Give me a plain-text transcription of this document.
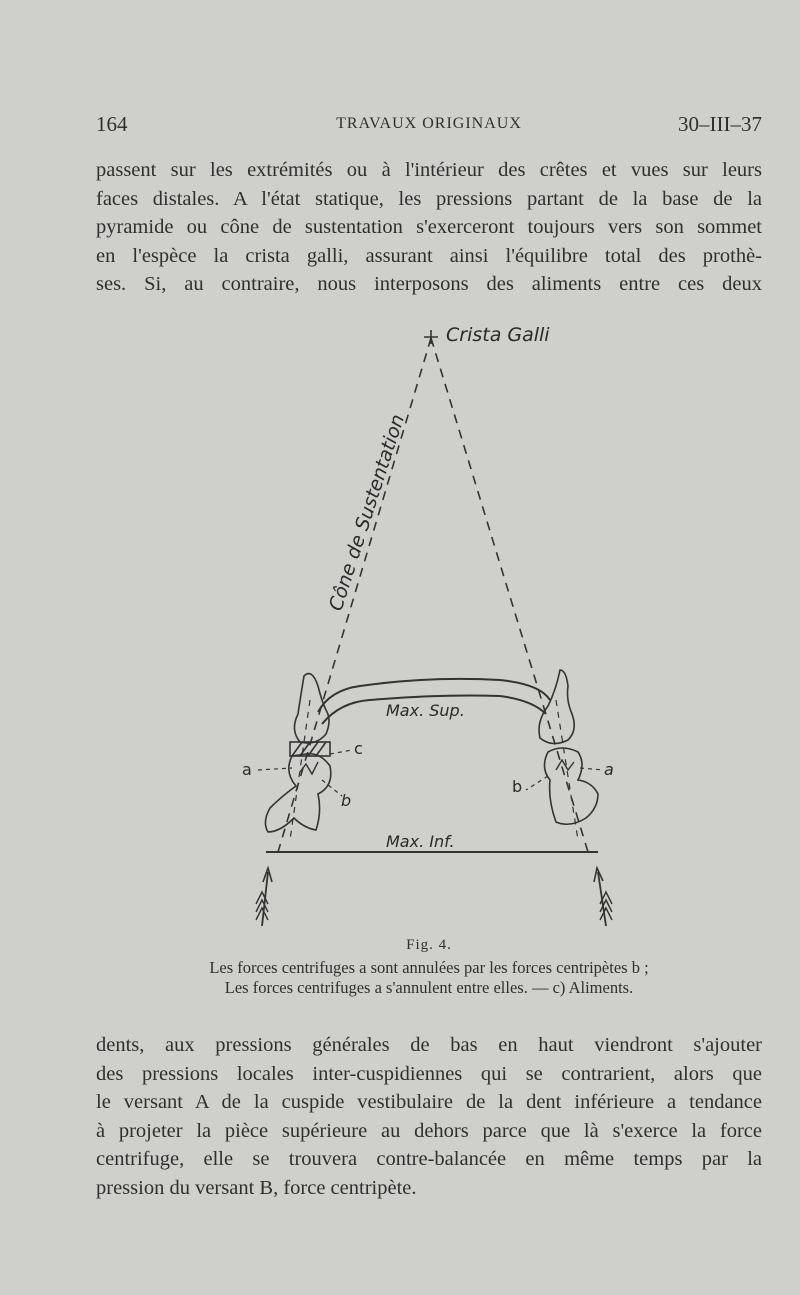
164	TRAVAUX ORIGINAUX	30–III–37
passent sur les extrémités ou à l'intérieur des crêtes et vues sur leurs
faces distales. A l'état statique, les pressions partant de la base de la
pyramide ou cône de sustentation s'exerceront toujours vers son sommet
en l'espèce la crista galli, assurant ainsi l'équilibre total des prothè-
ses. Si, au contraire, nous interposons des aliments entre ces deux
Crista Galli
Cône de Sustentation
Max. Sup.
Max. Inf.
a
c
b
b
a
Fig. 4.
Les forces centrifuges a sont annulées par les forces centripètes b ;
Les forces centrifuges a s'annulent entre elles. — c) Aliments.
dents, aux pressions générales de bas en haut viendront s'ajouter
des pressions locales inter-cuspidiennes qui se contrarient, alors que
le versant A de la cuspide vestibulaire de la dent inférieure a tendance
à projeter la pièce supérieure au dehors parce que là s'exerce la force
centrifuge, elle se trouvera contre-balancée en même temps par la
pression du versant B, force centripète.
